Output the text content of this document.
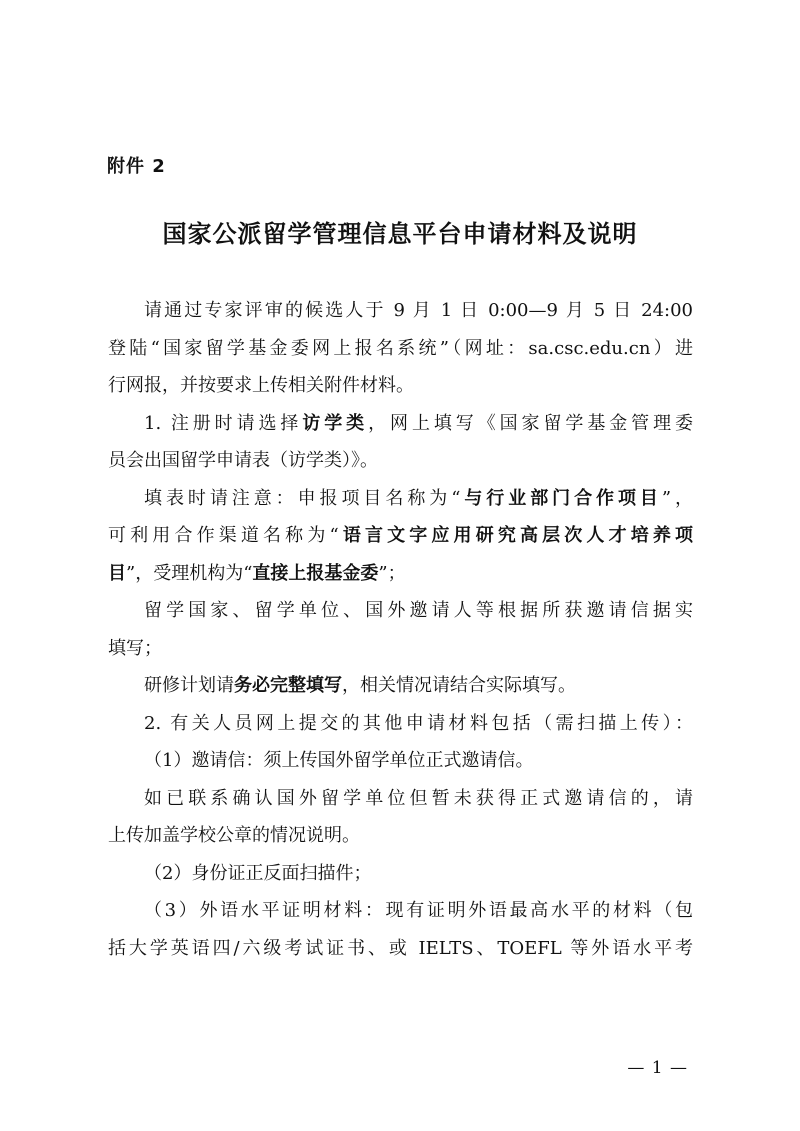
附件 2
国家公派留学管理信息平台申请材料及说明
请通过专家评审的候选人于 9 月 1 日 0:00—9 月 5 日 24:00
登陆“国家留学基金委网上报名系统”（网址：sa.csc.edu.cn）进
行网报，并按要求上传相关附件材料。
1. 注册时请选择访学类，网上填写《国家留学基金管理委
员会出国留学申请表（访学类）》。
填表时请注意：申报项目名称为“与行业部门合作项目”，
可利用合作渠道名称为“语言文字应用研究高层次人才培养项
目”，受理机构为“直接上报基金委”；
留学国家、留学单位、国外邀请人等根据所获邀请信据实
填写；
研修计划请务必完整填写，相关情况请结合实际填写。
2. 有关人员网上提交的其他申请材料包括（需扫描上传）：
（1）邀请信：须上传国外留学单位正式邀请信。
如已联系确认国外留学单位但暂未获得正式邀请信的，请
上传加盖学校公章的情况说明。
（2）身份证正反面扫描件；
（3）外语水平证明材料：现有证明外语最高水平的材料（包
括大学英语四/六级考试证书、或 IELTS、TOEFL 等外语水平考
— 1 —
